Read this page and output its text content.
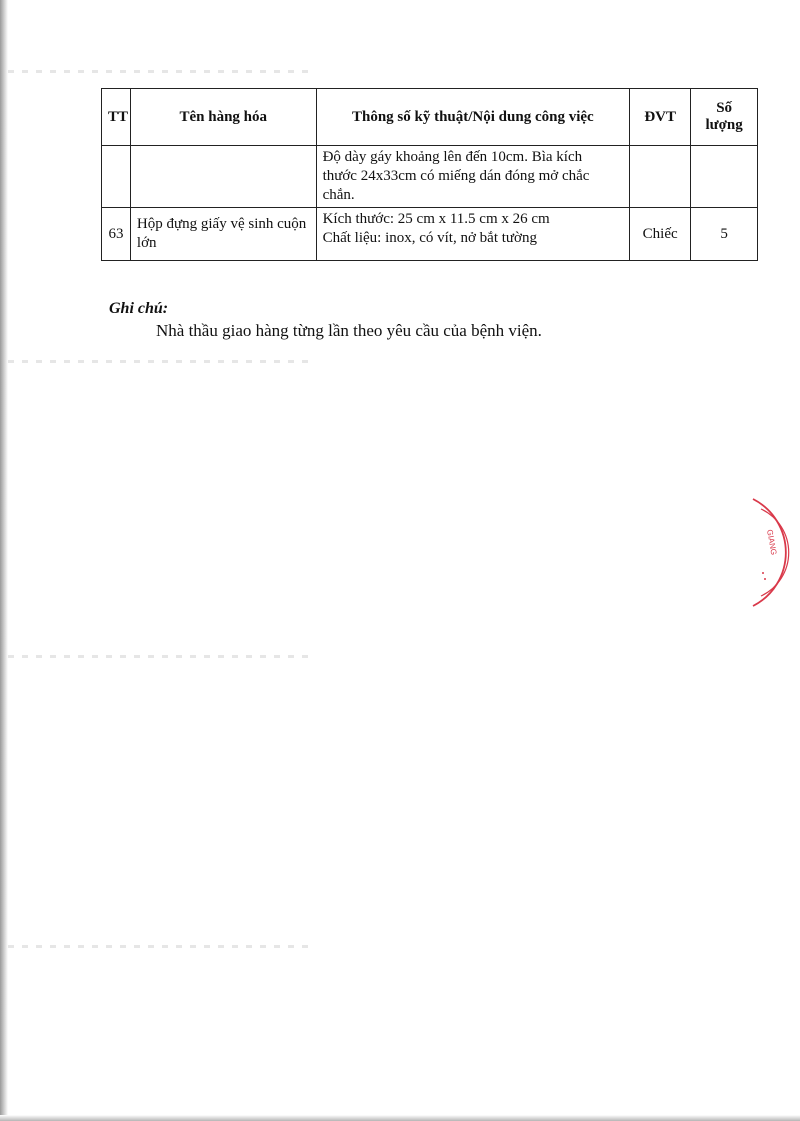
TT	Tên hàng hóa	Thông số kỹ thuật/Nội dung công việc	ĐVT	Số lượng

		Độ dày gáy khoảng lên đến 10cm. Bìa kích
thước 24x33cm có miếng dán đóng mở chắc
chắn.		

63	Hộp đựng giấy vệ sinh cuộn lớn	Kích thước: 25 cm x 11.5 cm x 26 cm
Chất liệu: inox, có vít, nở bắt tường	Chiếc	5
Ghi chú:
Nhà thầu giao hàng từng lần theo yêu cầu của bệnh viện.
GIANG
